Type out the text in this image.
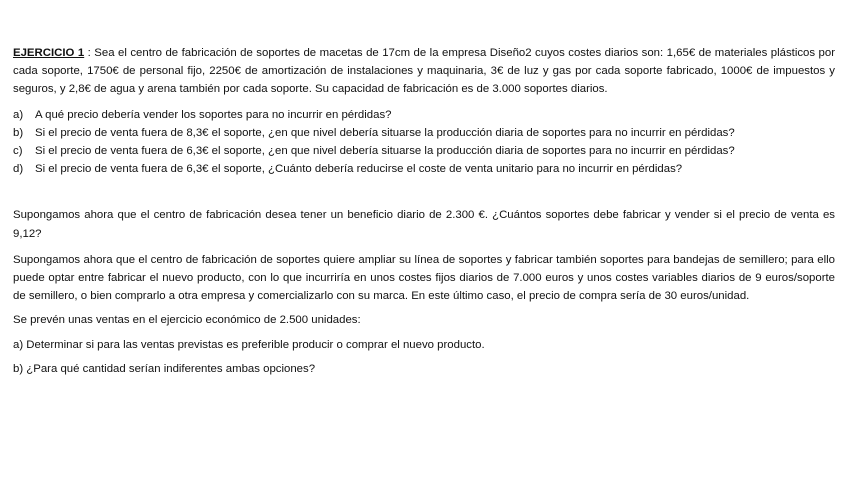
EJERCICIO 1 : Sea el centro de fabricación de soportes de macetas de 17cm de la empresa Diseño2 cuyos costes diarios son: 1,65€ de materiales plásticos por cada soporte, 1750€ de personal fijo, 2250€ de amortización de instalaciones y maquinaria, 3€ de luz y gas por cada soporte fabricado, 1000€ de impuestos y seguros, y 2,8€ de agua y arena también por cada soporte. Su capacidad de fabricación es de 3.000 soportes diarios.

a)	A qué precio debería vender los soportes para no incurrir en pérdidas?
b)	Si el precio de venta fuera de 8,3€ el soporte, ¿en que nivel debería situarse la producción diaria de soportes para no incurrir en pérdidas?
c)	Si el precio de venta fuera de 6,3€ el soporte, ¿en que nivel debería situarse la producción diaria de soportes para no incurrir en pérdidas?
d)	Si el precio de venta fuera de 6,3€ el soporte, ¿Cuánto debería reducirse el coste de venta unitario para no incurrir en pérdidas?

Supongamos ahora que el centro de fabricación desea tener un beneficio diario de 2.300 €. ¿Cuántos soportes debe fabricar y vender si el precio de venta es 9,12?

Supongamos ahora que el centro de fabricación de soportes quiere ampliar su línea de soportes y fabricar también soportes para bandejas de semillero; para ello puede optar entre fabricar el nuevo producto, con lo que incurriría en unos costes fijos diarios de 7.000 euros y unos costes variables diarios de 9 euros/soporte de semillero, o bien comprarlo a otra empresa y comercializarlo con su marca. En este último caso, el precio de compra sería de 30 euros/unidad.

Se prevén unas ventas en el ejercicio económico de 2.500 unidades:

a) Determinar si para las ventas previstas es preferible producir o comprar el nuevo producto.

b) ¿Para qué cantidad serían indiferentes ambas opciones?
